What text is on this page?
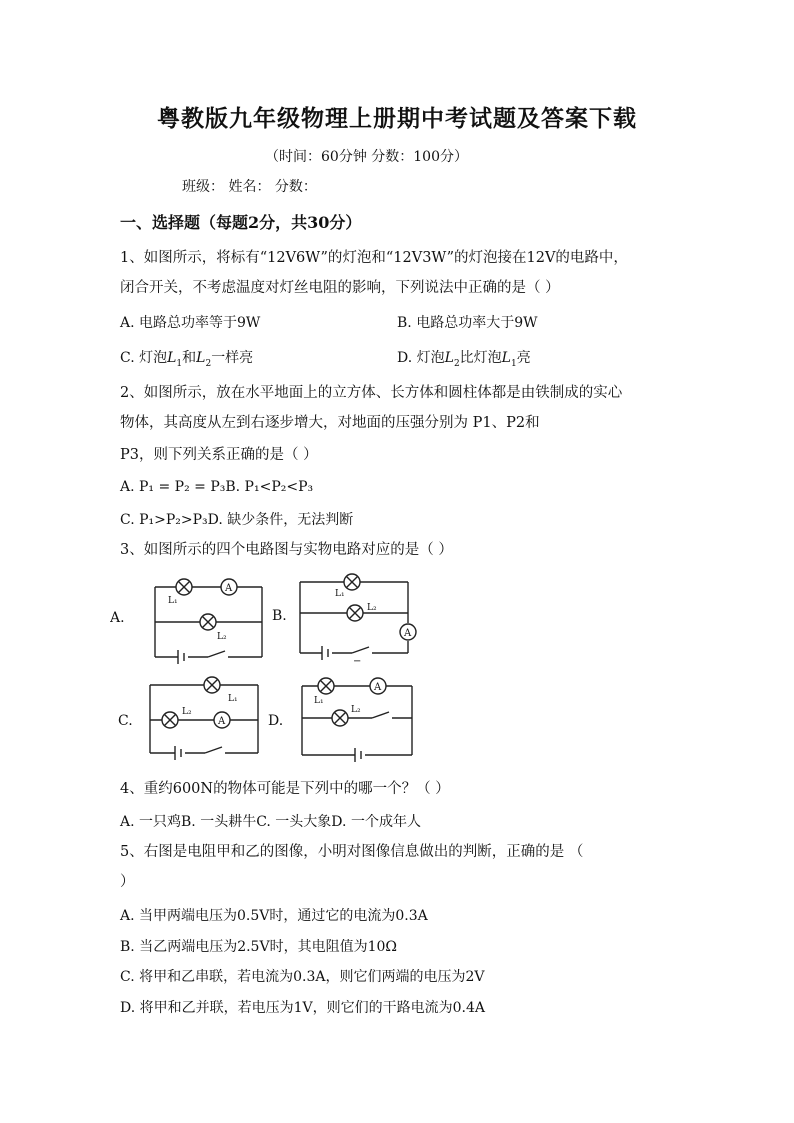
粤教版九年级物理上册期中考试题及答案下载
（时间：60分钟 分数：100分）
班级： 姓名： 分数：
一、选择题（每题2分，共30分）
1、如图所示，将标有“12V6W”的灯泡和“12V3W”的灯泡接在12V的电路中，
闭合开关，不考虑温度对灯丝电阻的影响，下列说法中正确的是（ ）
A. 电路总功率等于9W	B. 电路总功率大于9W
C. 灯泡$L_1$和$L_2$一样亮	D. 灯泡$L_2$比灯泡$L_1$亮
2、如图所示，放在水平地面上的立方体、长方体和圆柱体都是由铁制成的实心
物体，其高度从左到右逐步增大，对地面的压强分别为 P1、P2和
P3，则下列关系正确的是（ ）
A. P₁ = P₂ = P₃B. P₁<P₂<P₃
C. P₁>P₂>P₃D. 缺少条件，无法判断
3、如图所示的四个电路图与实物电路对应的是（ ）
A.	B.
C.	D.
A
L₁
L₂	A
L₁
L₂
−
A
L₁
L₂
A
L₁
L₂
4、重约600N的物体可能是下列中的哪一个？（ ）
A. 一只鸡B. 一头耕牛C. 一头大象D. 一个成年人
5、右图是电阻甲和乙的图像，小明对图像信息做出的判断，正确的是 （
）
A. 当甲两端电压为0.5V时，通过它的电流为0.3A
B. 当乙两端电压为2.5V时，其电阻值为10Ω
C. 将甲和乙串联，若电流为0.3A，则它们两端的电压为2V
D. 将甲和乙并联，若电压为1V，则它们的干路电流为0.4A
